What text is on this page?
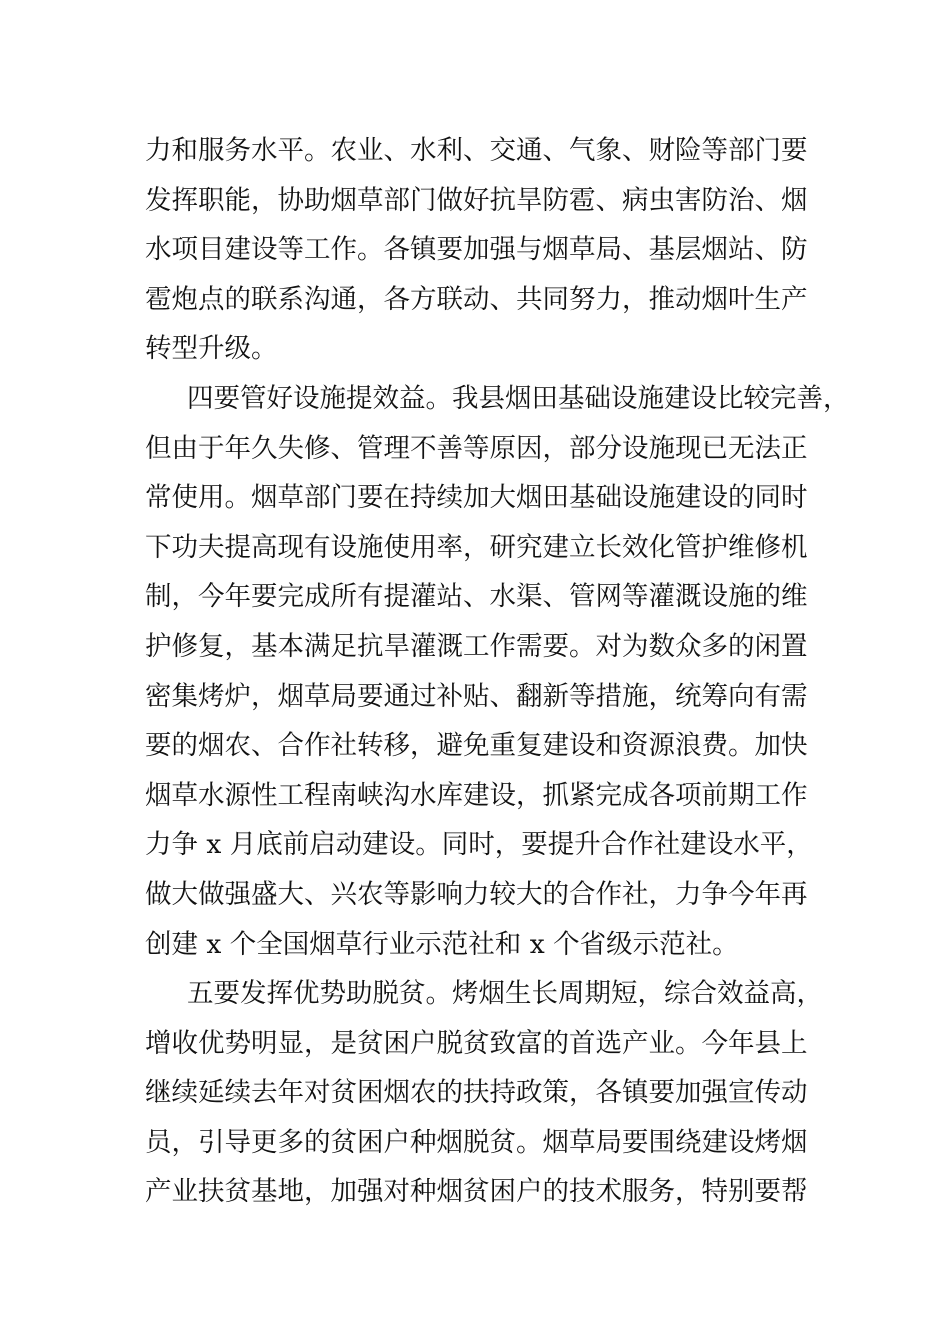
力和服务水平。农业、水利、交通、气象、财险等部门要
发挥职能，协助烟草部门做好抗旱防雹、病虫害防治、烟
水项目建设等工作。各镇要加强与烟草局、基层烟站、防
雹炮点的联系沟通，各方联动、共同努力，推动烟叶生产
转型升级。
四要管好设施提效益。我县烟田基础设施建设比较完善，
但由于年久失修、管理不善等原因，部分设施现已无法正
常使用。烟草部门要在持续加大烟田基础设施建设的同时
下功夫提高现有设施使用率，研究建立长效化管护维修机
制，今年要完成所有提灌站、水渠、管网等灌溉设施的维
护修复，基本满足抗旱灌溉工作需要。对为数众多的闲置
密集烤炉，烟草局要通过补贴、翻新等措施，统筹向有需
要的烟农、合作社转移，避免重复建设和资源浪费。加快
烟草水源性工程南峡沟水库建设，抓紧完成各项前期工作
力争 x 月底前启动建设。同时，要提升合作社建设水平，
做大做强盛大、兴农等影响力较大的合作社，力争今年再
创建 x 个全国烟草行业示范社和 x 个省级示范社。
五要发挥优势助脱贫。烤烟生长周期短，综合效益高，
增收优势明显，是贫困户脱贫致富的首选产业。今年县上
继续延续去年对贫困烟农的扶持政策，各镇要加强宣传动
员，引导更多的贫困户种烟脱贫。烟草局要围绕建设烤烟
产业扶贫基地，加强对种烟贫困户的技术服务，特别要帮
